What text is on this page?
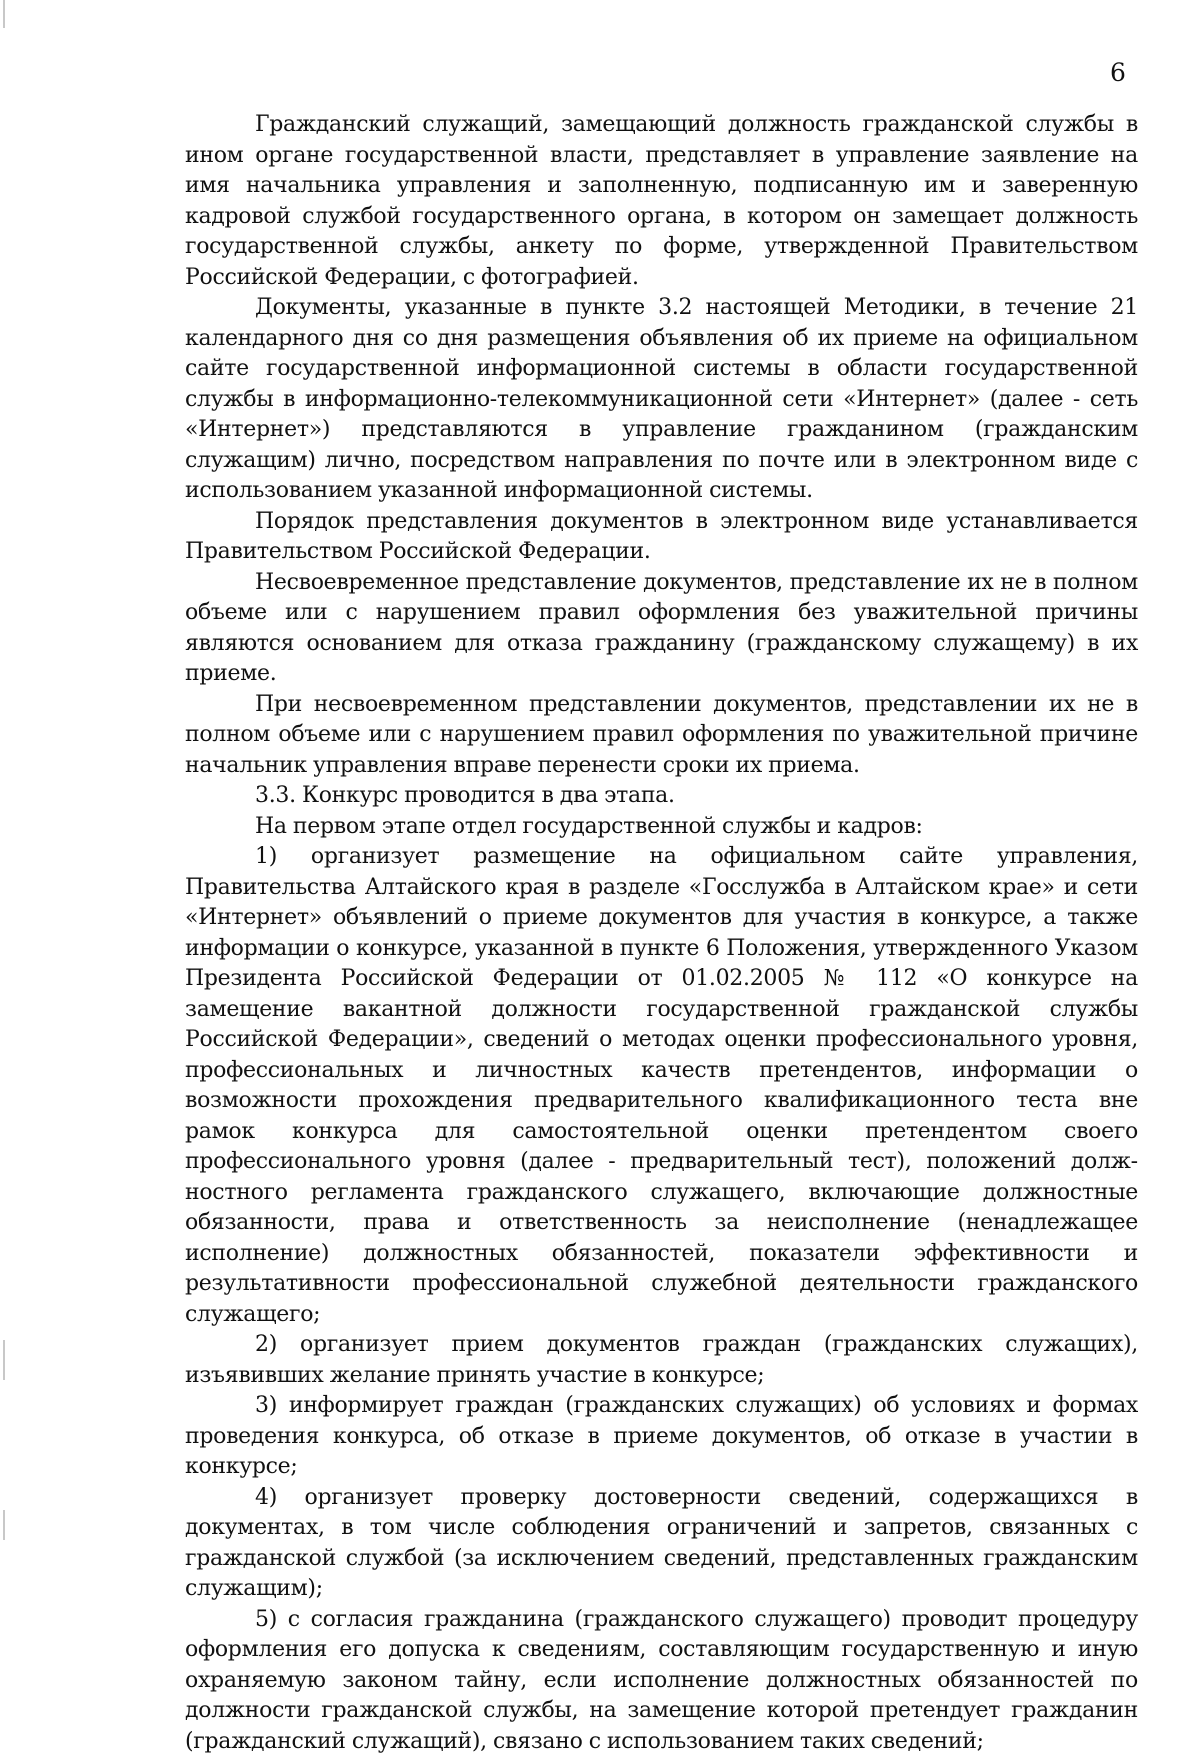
6

Гражданский служащий, замещающий должность гражданской службы в ином органе государственной власти, представляет в управление заявление на имя начальника управления и заполненную, подписанную им и заверенную кадровой службой государственного органа, в котором он замещает должность государственной службы, анкету по форме, утвержденной Правительством Российской Федерации, с фотографией.

Документы, указанные в пункте 3.2 настоящей Методики, в течение 21 календарного дня со дня размещения объявления об их приеме на официальном сайте государственной информационной системы в области государственной службы в информационно-телекоммуникационной сети «Интернет» (далее - сеть «Интернет») представляются в управление гражданином (гражданским служащим) лично, посредством направления по почте или в электронном виде с использованием указанной информационной системы.

Порядок представления документов в электронном виде устанавливается Правительством Российской Федерации.

Несвоевременное представление документов, представление их не в полном объеме или с нарушением правил оформления без уважительной причины являются основанием для отказа гражданину (гражданскому служащему) в их приеме.

При несвоевременном представлении документов, представлении их не в полном объеме или с нарушением правил оформления по уважительной причине начальник управления вправе перенести сроки их приема.

3.3. Конкурс проводится в два этапа.

На первом этапе отдел государственной службы и кадров:

1) организует размещение на официальном сайте управления, Правительства Алтайского края в разделе «Госслужба в Алтайском крае» и сети «Интернет» объявлений о приеме документов для участия в конкурсе, а также информации о конкурсе, указанной в пункте 6 Положения, утвержденного Указом Президента Российской Федерации от 01.02.2005 № 112 «О конкурсе на замещение вакантной должности государственной гражданской службы Российской Федерации», сведений о методах оценки профессионального уровня, профессиональных и личностных качеств претендентов, информации о возможности прохождения предварительного квалификационного теста вне рамок конкурса для самостоятельной оценки претендентом своего профессионального уровня (далее - предварительный тест), положений должностного регламента гражданского служащего, включающие должностные обязанности, права и ответственность за неисполнение (ненадлежащее исполнение) должностных обязанностей, показатели эффективности и результативности профессиональной служебной деятельности гражданского служащего;

2) организует прием документов граждан (гражданских служащих), изъявивших желание принять участие в конкурсе;

3) информирует граждан (гражданских служащих) об условиях и формах проведения конкурса, об отказе в приеме документов, об отказе в участии в конкурсе;

4) организует проверку достоверности сведений, содержащихся в документах, в том числе соблюдения ограничений и запретов, связанных с гражданской службой (за исключением сведений, представленных гражданским служащим);

5) с согласия гражданина (гражданского служащего) проводит процедуру оформления его допуска к сведениям, составляющим государственную и иную охраняемую законом тайну, если исполнение должностных обязанностей по должности гражданской службы, на замещение которой претендует гражданин (гражданский служащий), связано с использованием таких сведений;
